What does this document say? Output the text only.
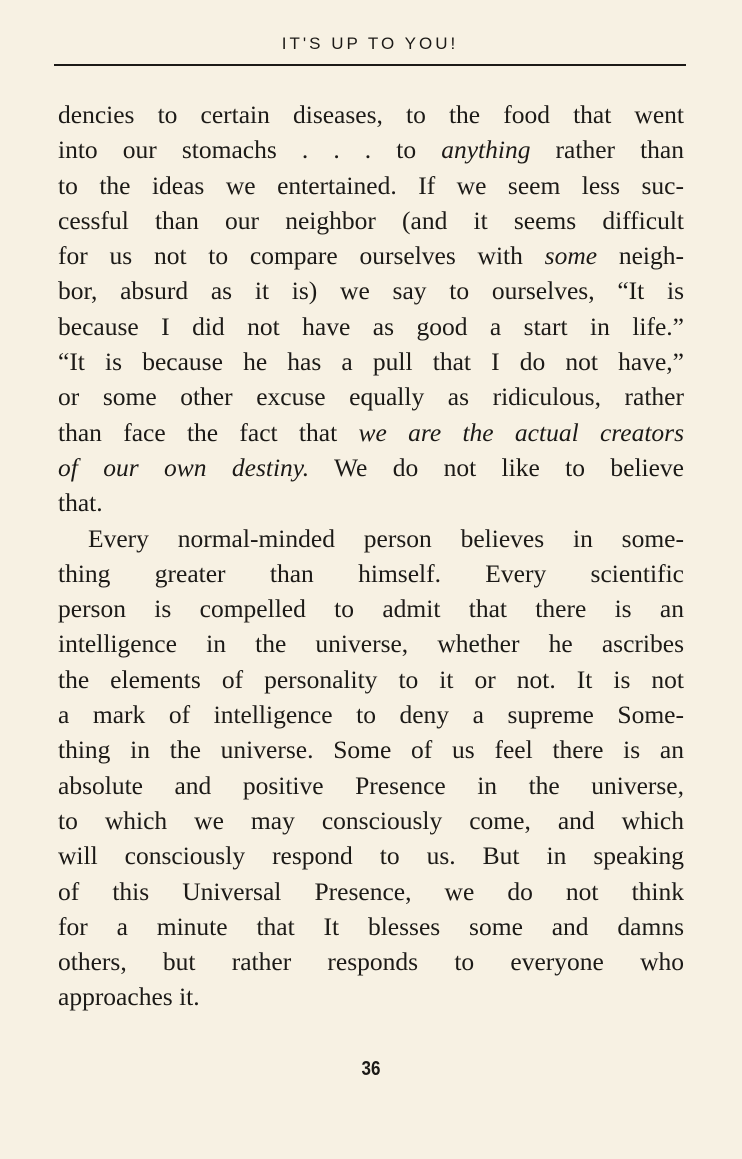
IT'S UP TO YOU!
dencies to certain diseases, to the food that went
into our stomachs . . . to anything rather than
to the ideas we entertained. If we seem less suc-
cessful than our neighbor (and it seems difficult
for us not to compare ourselves with some neigh-
bor, absurd as it is) we say to ourselves, “It is
because I did not have as good a start in life.”
“It is because he has a pull that I do not have,”
or some other excuse equally as ridiculous, rather
than face the fact that we are the actual creators
of our own destiny. We do not like to believe
that.
Every normal-minded person believes in some-
thing greater than himself. Every scientific
person is compelled to admit that there is an
intelligence in the universe, whether he ascribes
the elements of personality to it or not. It is not
a mark of intelligence to deny a supreme Some-
thing in the universe. Some of us feel there is an
absolute and positive Presence in the universe,
to which we may consciously come, and which
will consciously respond to us. But in speaking
of this Universal Presence, we do not think
for a minute that It blesses some and damns
others, but rather responds to everyone who
approaches it.
36
